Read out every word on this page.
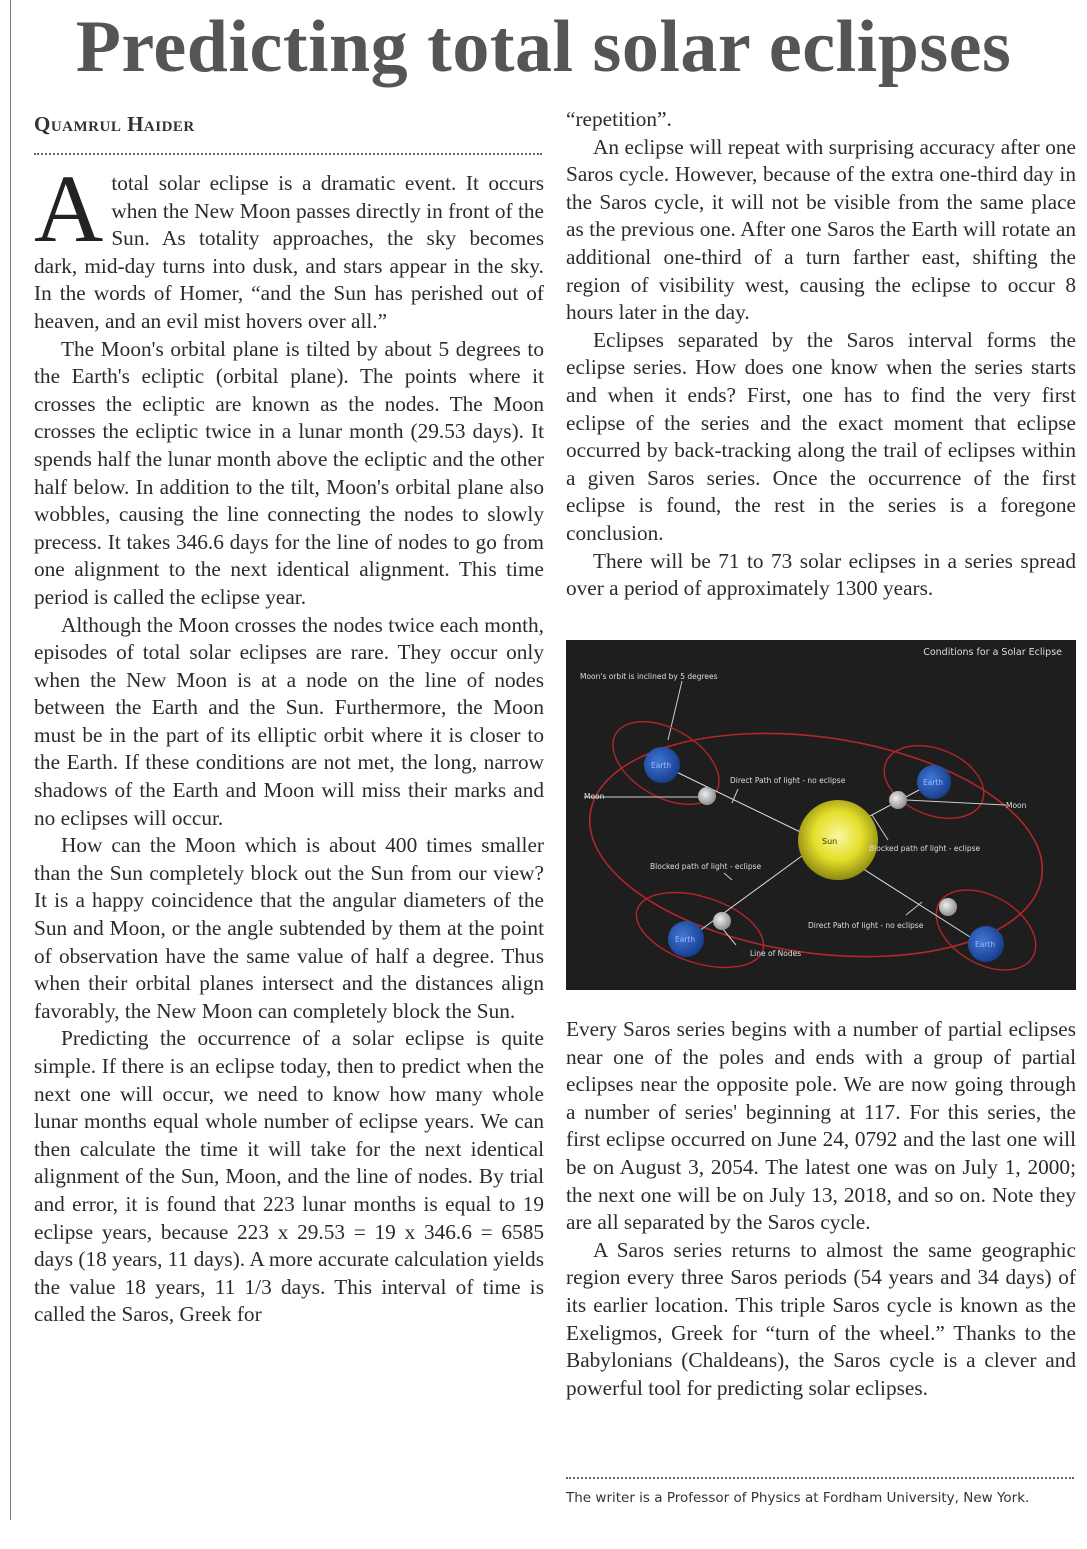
Predicting total solar eclipses
Quamrul Haider

Atotal solar eclipse is a dramatic event. It occurs when the New Moon passes directly in front of the Sun. As totality approaches, the sky becomes dark, mid-day turns into dusk, and stars appear in the sky. In the words of Homer, “and the Sun has perished out of heaven, and an evil mist hovers over all.”

The Moon's orbital plane is tilted by about 5 degrees to the Earth's ecliptic (orbital plane). The points where it crosses the ecliptic are known as the nodes. The Moon crosses the ecliptic twice in a lunar month (29.53 days). It spends half the lunar month above the ecliptic and the other half below. In addition to the tilt, Moon's orbital plane also wobbles, causing the line connecting the nodes to slowly precess. It takes 346.6 days for the line of nodes to go from one alignment to the next identical alignment. This time period is called the eclipse year.

Although the Moon crosses the nodes twice each month, episodes of total solar eclipses are rare. They occur only when the New Moon is at a node on the line of nodes between the Earth and the Sun. Furthermore, the Moon must be in the part of its elliptic orbit where it is closer to the Earth. If these conditions are not met, the long, narrow shadows of the Earth and Moon will miss their marks and no eclipses will occur.

How can the Moon which is about 400 times smaller than the Sun completely block out the Sun from our view? It is a happy coincidence that the angular diameters of the Sun and Moon, or the angle subtended by them at the point of observation have the same value of half a degree. Thus when their orbital planes intersect and the distances align favorably, the New Moon can completely block the Sun.

Predicting the occurrence of a solar eclipse is quite simple. If there is an eclipse today, then to predict when the next one will occur, we need to know how many whole lunar months equal whole number of eclipse years. We can then calculate the time it will take for the next identical alignment of the Sun, Moon, and the line of nodes. By trial and error, it is found that 223 lunar months is equal to 19 eclipse years, because 223 x 29.53 = 19 x 346.6 = 6585 days (18 years, 11 days). A more accurate calculation yields the value 18 years, 11 1/3 days. This interval of time is called the Saros, Greek for

“repetition”.

An eclipse will repeat with surprising accuracy after one Saros cycle. However, because of the extra one-third day in the Saros cycle, it will not be visible from the same place as the previous one. After one Saros the Earth will rotate an additional one-third of a turn farther east, shifting the region of visibility west, causing the eclipse to occur 8 hours later in the day.

Eclipses separated by the Saros interval forms the eclipse series. How does one know when the series starts and when it ends? First, one has to find the very first eclipse of the series and the exact moment that eclipse occurred by back-tracking along the trail of eclipses within a given Saros series. Once the occurrence of the first eclipse is found, the rest in the series is a foregone conclusion.

There will be 71 to 73 solar eclipses in a series spread over a period of approximately 1300 years.

Conditions for a Solar Eclipse
Moon's orbit is inclined by 5 degrees
Sun
Earth
Earth
Earth
Earth
Moon
Moon
Direct Path of light - no eclipse
Blocked path of light - eclipse
Blocked path of light - eclipse
Direct Path of light - no eclipse
Line of Nodes

Every Saros series begins with a number of partial eclipses near one of the poles and ends with a group of partial eclipses near the opposite pole. We are now going through a number of series' beginning at 117. For this series, the first eclipse occurred on June 24, 0792 and the last one will be on August 3, 2054. The latest one was on July 1, 2000; the next one will be on July 13, 2018, and so on. Note they are all separated by the Saros cycle.

A Saros series returns to almost the same geographic region every three Saros periods (54 years and 34 days) of its earlier location. This triple Saros cycle is known as the Exeligmos, Greek for “turn of the wheel.” Thanks to the Babylonians (Chaldeans), the Saros cycle is a clever and powerful tool for predicting solar eclipses.

The writer is a Professor of Physics at Fordham University, New York.
